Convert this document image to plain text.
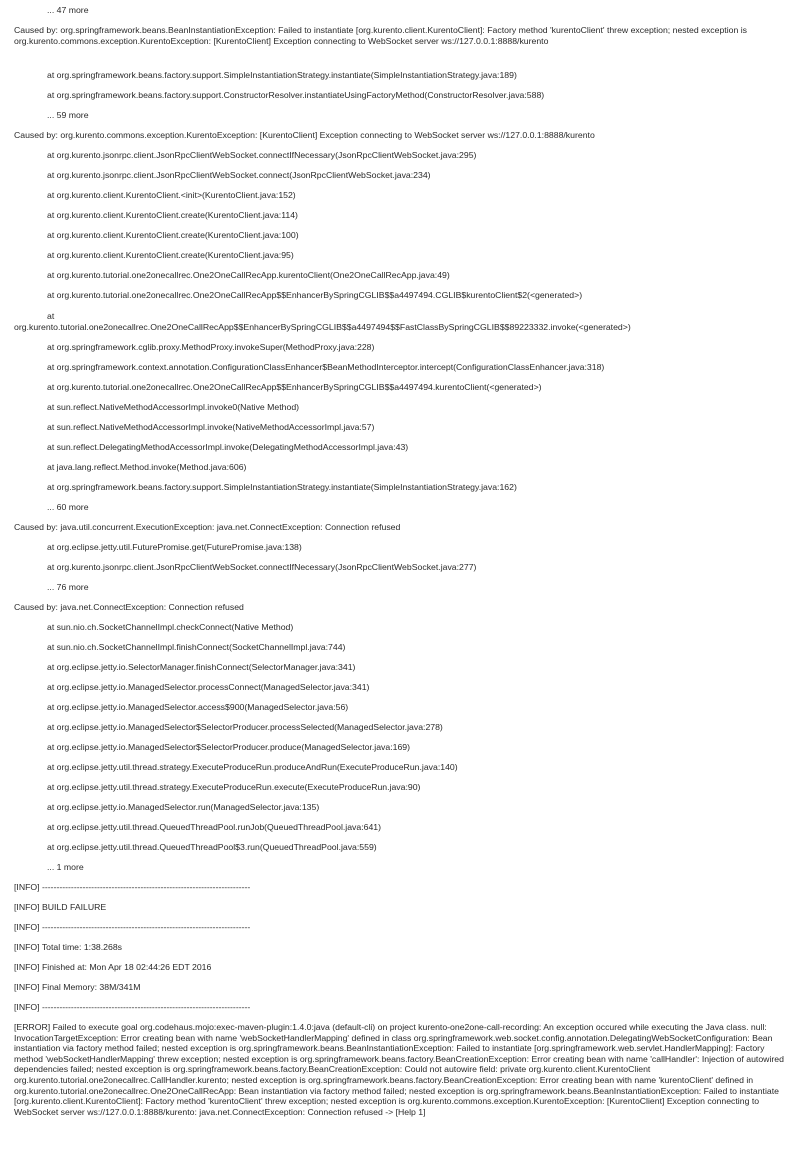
... 47 more
Caused by: org.springframework.beans.BeanInstantiationException: Failed to instantiate [org.kurento.client.KurentoClient]: Factory method 'kurentoClient' threw exception; nested exception is org.kurento.commons.exception.KurentoException: [KurentoClient] Exception connecting to WebSocket server ws://127.0.0.1:8888/kurento
at org.springframework.beans.factory.support.SimpleInstantiationStrategy.instantiate(SimpleInstantiationStrategy.java:189)
at org.springframework.beans.factory.support.ConstructorResolver.instantiateUsingFactoryMethod(ConstructorResolver.java:588)
... 59 more
Caused by: org.kurento.commons.exception.KurentoException: [KurentoClient] Exception connecting to WebSocket server ws://127.0.0.1:8888/kurento
at org.kurento.jsonrpc.client.JsonRpcClientWebSocket.connectIfNecessary(JsonRpcClientWebSocket.java:295)
at org.kurento.jsonrpc.client.JsonRpcClientWebSocket.connect(JsonRpcClientWebSocket.java:234)
at org.kurento.client.KurentoClient.<init>(KurentoClient.java:152)
at org.kurento.client.KurentoClient.create(KurentoClient.java:114)
at org.kurento.client.KurentoClient.create(KurentoClient.java:100)
at org.kurento.client.KurentoClient.create(KurentoClient.java:95)
at org.kurento.tutorial.one2onecallrec.One2OneCallRecApp.kurentoClient(One2OneCallRecApp.java:49)
at org.kurento.tutorial.one2onecallrec.One2OneCallRecApp$$EnhancerBySpringCGLIB$$a4497494.CGLIB$kurentoClient$2(<generated>)
at
org.kurento.tutorial.one2onecallrec.One2OneCallRecApp$$EnhancerBySpringCGLIB$$a4497494$$FastClassBySpringCGLIB$$89223332.invoke(<generated>)
at org.springframework.cglib.proxy.MethodProxy.invokeSuper(MethodProxy.java:228)
at org.springframework.context.annotation.ConfigurationClassEnhancer$BeanMethodInterceptor.intercept(ConfigurationClassEnhancer.java:318)
at org.kurento.tutorial.one2onecallrec.One2OneCallRecApp$$EnhancerBySpringCGLIB$$a4497494.kurentoClient(<generated>)
at sun.reflect.NativeMethodAccessorImpl.invoke0(Native Method)
at sun.reflect.NativeMethodAccessorImpl.invoke(NativeMethodAccessorImpl.java:57)
at sun.reflect.DelegatingMethodAccessorImpl.invoke(DelegatingMethodAccessorImpl.java:43)
at java.lang.reflect.Method.invoke(Method.java:606)
at org.springframework.beans.factory.support.SimpleInstantiationStrategy.instantiate(SimpleInstantiationStrategy.java:162)
... 60 more
Caused by: java.util.concurrent.ExecutionException: java.net.ConnectException: Connection refused
at org.eclipse.jetty.util.FuturePromise.get(FuturePromise.java:138)
at org.kurento.jsonrpc.client.JsonRpcClientWebSocket.connectIfNecessary(JsonRpcClientWebSocket.java:277)
... 76 more
Caused by: java.net.ConnectException: Connection refused
at sun.nio.ch.SocketChannelImpl.checkConnect(Native Method)
at sun.nio.ch.SocketChannelImpl.finishConnect(SocketChannelImpl.java:744)
at org.eclipse.jetty.io.SelectorManager.finishConnect(SelectorManager.java:341)
at org.eclipse.jetty.io.ManagedSelector.processConnect(ManagedSelector.java:341)
at org.eclipse.jetty.io.ManagedSelector.access$900(ManagedSelector.java:56)
at org.eclipse.jetty.io.ManagedSelector$SelectorProducer.processSelected(ManagedSelector.java:278)
at org.eclipse.jetty.io.ManagedSelector$SelectorProducer.produce(ManagedSelector.java:169)
at org.eclipse.jetty.util.thread.strategy.ExecuteProduceRun.produceAndRun(ExecuteProduceRun.java:140)
at org.eclipse.jetty.util.thread.strategy.ExecuteProduceRun.execute(ExecuteProduceRun.java:90)
at org.eclipse.jetty.io.ManagedSelector.run(ManagedSelector.java:135)
at org.eclipse.jetty.util.thread.QueuedThreadPool.runJob(QueuedThreadPool.java:641)
at org.eclipse.jetty.util.thread.QueuedThreadPool$3.run(QueuedThreadPool.java:559)
... 1 more
[INFO] ------------------------------------------------------------------------
[INFO] BUILD FAILURE
[INFO] ------------------------------------------------------------------------
[INFO] Total time: 1:38.268s
[INFO] Finished at: Mon Apr 18 02:44:26 EDT 2016
[INFO] Final Memory: 38M/341M
[INFO] ------------------------------------------------------------------------
[ERROR] Failed to execute goal org.codehaus.mojo:exec-maven-plugin:1.4.0:java (default-cli) on project kurento-one2one-call-recording: An exception occured while executing the Java class. null: InvocationTargetException: Error creating bean with name 'webSocketHandlerMapping' defined in class org.springframework.web.socket.config.annotation.DelegatingWebSocketConfiguration: Bean instantiation via factory method failed; nested exception is org.springframework.beans.BeanInstantiationException: Failed to instantiate [org.springframework.web.servlet.HandlerMapping]: Factory method 'webSocketHandlerMapping' threw exception; nested exception is org.springframework.beans.factory.BeanCreationException: Error creating bean with name 'callHandler': Injection of autowired dependencies failed; nested exception is org.springframework.beans.factory.BeanCreationException: Could not autowire field: private org.kurento.client.KurentoClient org.kurento.tutorial.one2onecallrec.CallHandler.kurento; nested exception is org.springframework.beans.factory.BeanCreationException: Error creating bean with name 'kurentoClient' defined in org.kurento.tutorial.one2onecallrec.One2OneCallRecApp: Bean instantiation via factory method failed; nested exception is org.springframework.beans.BeanInstantiationException: Failed to instantiate [org.kurento.client.KurentoClient]: Factory method 'kurentoClient' threw exception; nested exception is org.kurento.commons.exception.KurentoException: [KurentoClient] Exception connecting to WebSocket server ws://127.0.0.1:8888/kurento: java.net.ConnectException: Connection refused -> [Help 1]
